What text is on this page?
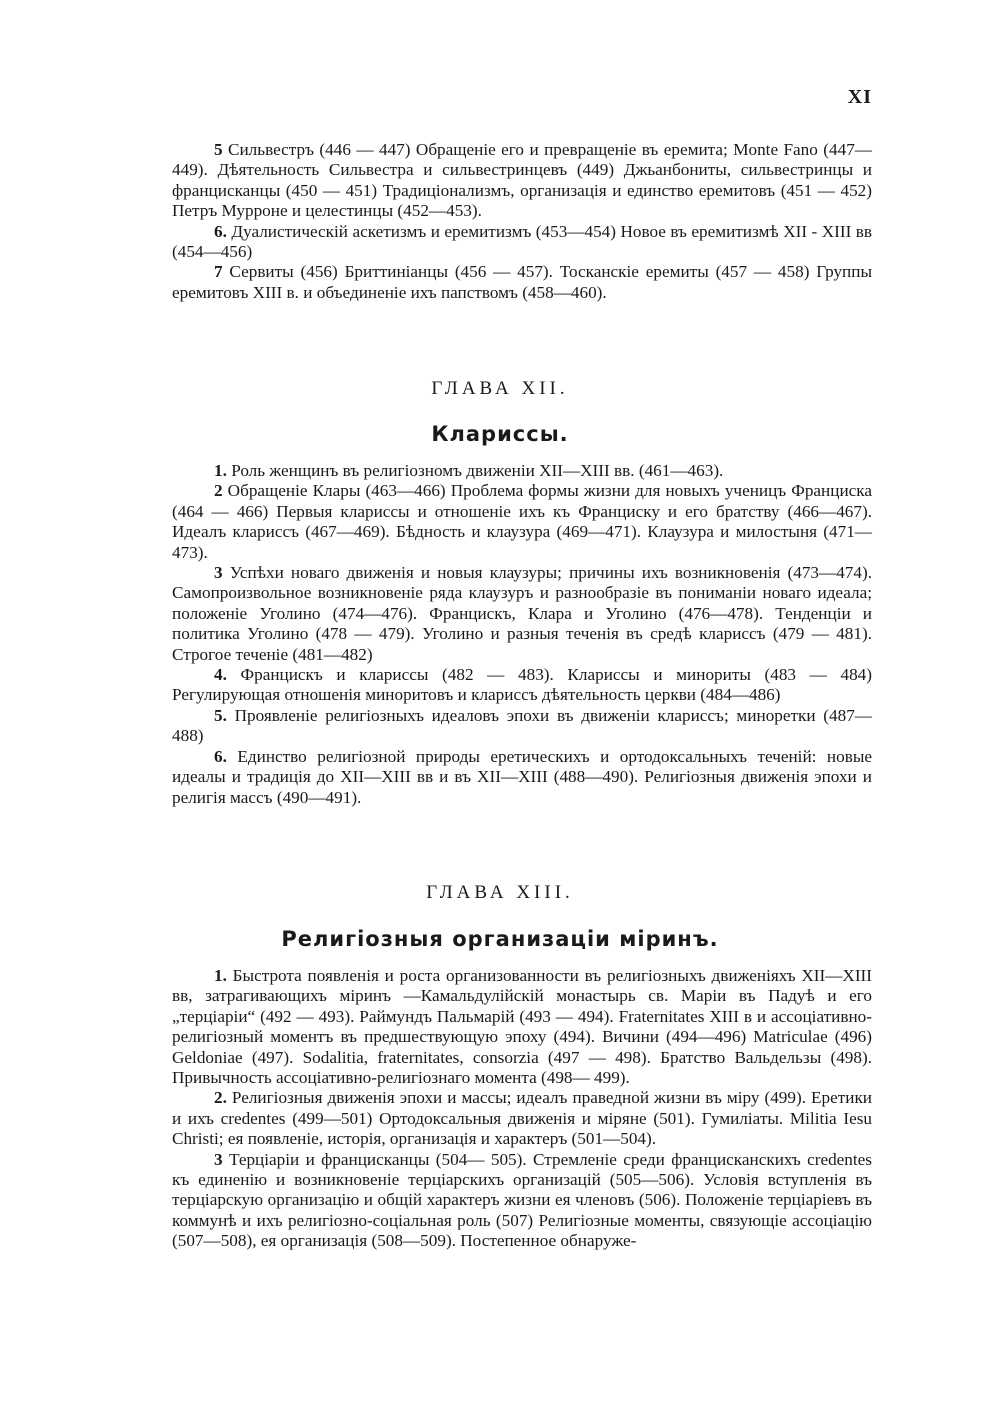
XI

5 Сильвестръ (446 — 447) Обращеніе его и превращеніе въ еремита; Monte Fano (447—449). Дѣятельность Сильвестра и сильвестринцевъ (449) Джьанбониты, сильвестринцы и францисканцы (450 — 451) Традиціонализмъ, организація и единство еремитовъ (451 — 452) Петръ Мурроне и целестинцы (452—453).

6. Дуалистическій аскетизмъ и еремитизмъ (453—454) Новое въ еремитизмѣ XII - XIII вв (454—456)

7 Сервиты (456) Бриттиніанцы (456 — 457). Тосканскіе еремиты (457 — 458) Группы еремитовъ XIII в. и объединеніе ихъ папствомъ (458—460).

ГЛАВА XII.
Клариссы.

1. Роль женщинъ въ религіозномъ движеніи XII—XIII вв. (461—463).

2 Обращеніе Клары (463—466) Проблема формы жизни для новыхъ ученицъ Франциска (464 — 466) Первыя клариссы и отношеніе ихъ къ Франциску и его братству (466—467). Идеалъ клариссъ (467—469). Бѣдность и клаузура (469—471). Клаузура и милостыня (471—473).

3 Успѣхи новаго движенія и новыя клаузуры; причины ихъ возникновенія (473—474). Самопроизвольное возникновеніе ряда клаузуръ и разнообразіе въ пониманіи новаго идеала; положеніе Уголино (474—476). Францискъ, Клара и Уголино (476—478). Тенденціи и политика Уголино (478 — 479). Уголино и разныя теченія въ средѣ клариссъ (479 — 481). Строгое теченіе (481—482)

4. Францискъ и клариссы (482 — 483). Клариссы и минориты (483 — 484) Регулирующая отношенія миноритовъ и клариссъ дѣятельность церкви (484—486)

5. Проявленіе религіозныхъ идеаловъ эпохи въ движеніи клариссъ; миноретки (487—488)

6. Единство религіозной природы еретическихъ и ортодоксальныхъ теченій: новые идеалы и традиція до XII—XIII вв и въ XII—XIII (488—490). Религіозныя движенія эпохи и религія массъ (490—491).

ГЛАВА XIII.
Религіозныя организаціи міринъ.

1. Быстрота появленія и роста организованности въ религіозныхъ движеніяхъ XII—XIII вв, затрагивающихъ міринъ —Камальдулійскій монастырь св. Маріи въ Падуѣ и его „терціаріи“ (492 — 493). Раймундъ Пальмарій (493 — 494). Fraternitates XIII в и ассоціативно-религіозный моментъ въ предшествующую эпоху (494). Вичини (494—496) Matriculae (496) Geldoniae (497). Sodalitia, fraternitates, consorzia (497 — 498). Братство Вальдельзы (498). Привычность ассоціативно-религіознаго момента (498— 499).

2. Религіозныя движенія эпохи и массы; идеалъ праведной жизни въ міру (499). Еретики и ихъ credentes (499—501) Ортодоксальныя движенія и міряне (501). Гумиліаты. Militia Iesu Christi; ея появленіе, исторія, организація и характеръ (501—504).

3 Терціаріи и францисканцы (504— 505). Стремленіе среди францисканскихъ credentes къ единенію и возникновеніе терціарскихъ организацій (505—506). Условія вступленія въ терціарскую организацію и общій характеръ жизни ея членовъ (506). Положеніе терціаріевъ въ коммунѣ и ихъ религіозно-соціальная роль (507) Религіозные моменты, связующіе ассоціацію (507—508), ея организація (508—509). Постепенное обнаруже-
